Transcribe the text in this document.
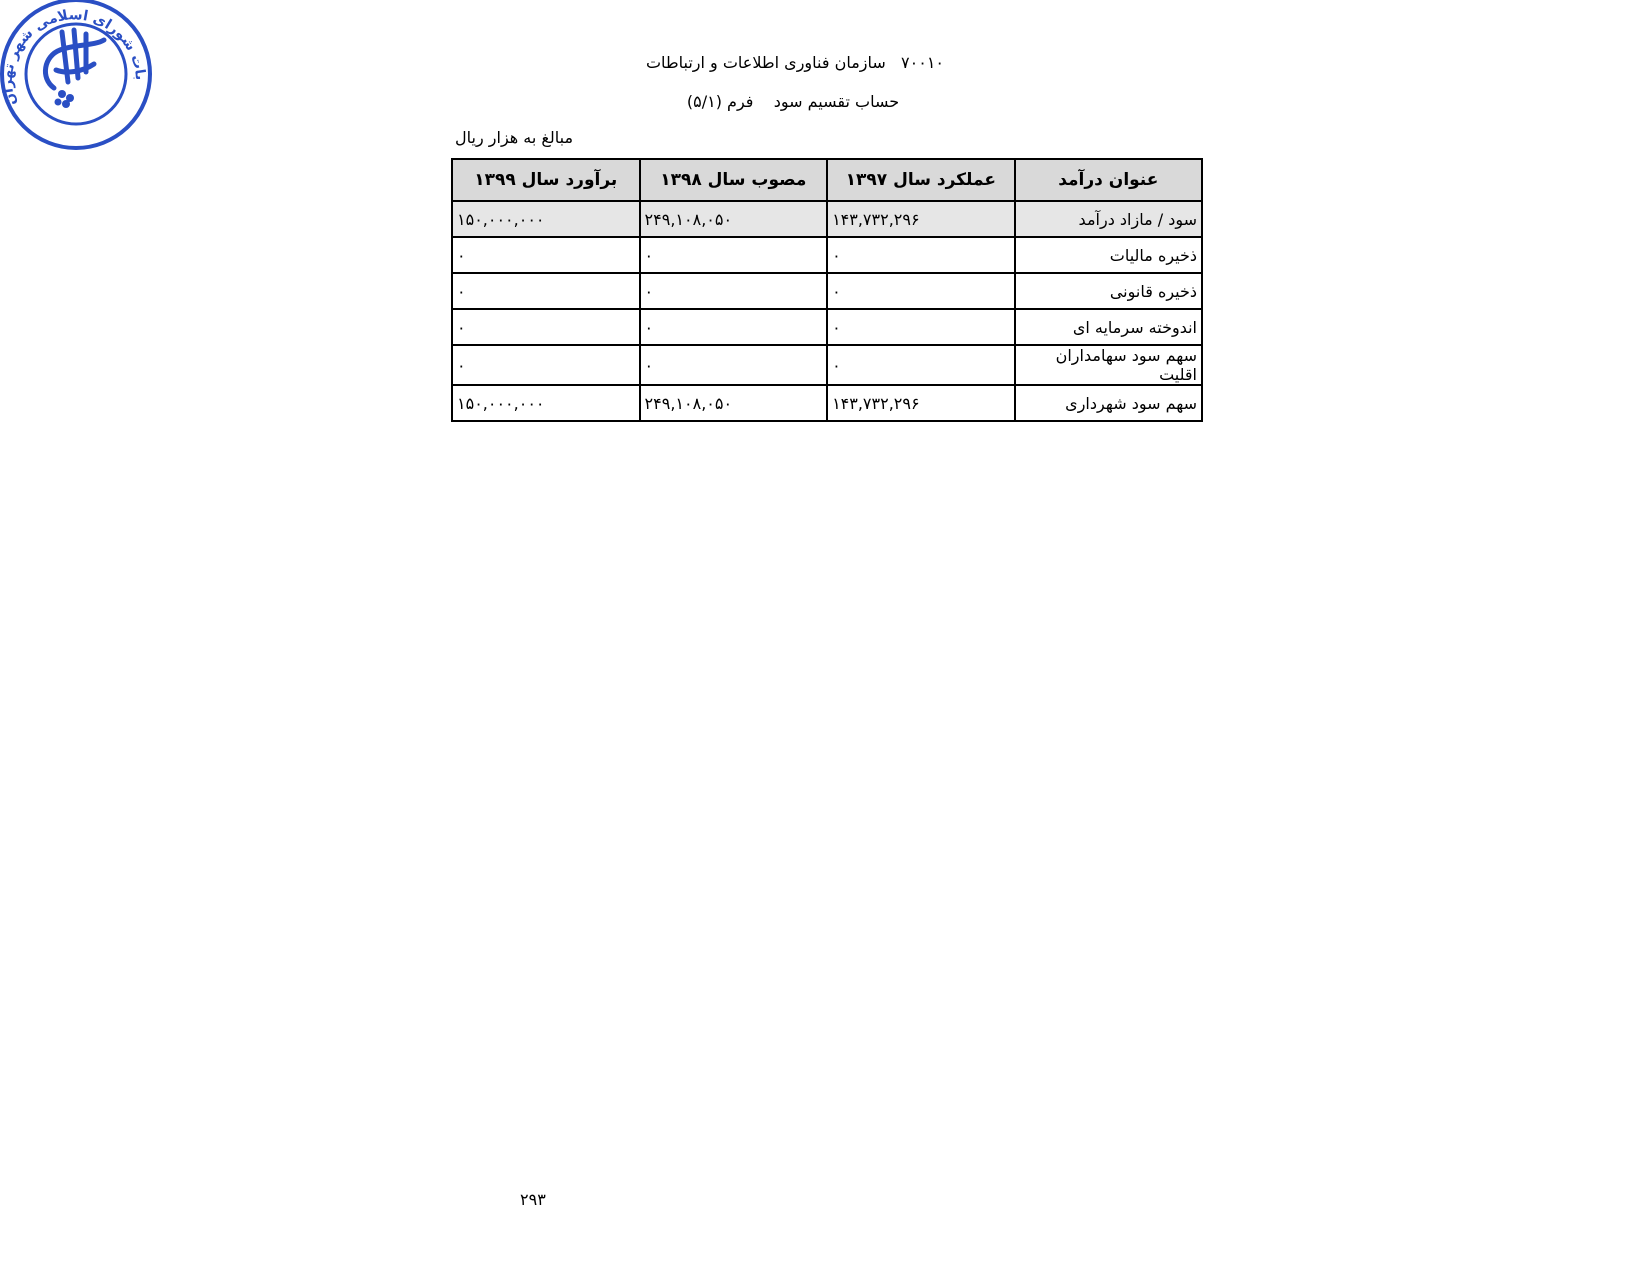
بات شورای اسلامی شهر تهران	۷۰۰۱۰   سازمان فناوری اطلاعات و ارتباطات
حساب تقسیم سود    فرم (۵/۱)
مبالغ به هزار ریال
عنوان درآمد	عملکرد سال ۱۳۹۷	مصوب سال ۱۳۹۸	برآورد سال ۱۳۹۹
سود / مازاد درآمد	۱۴۳,۷۳۲,۲۹۶	۲۴۹,۱۰۸,۰۵۰	۱۵۰,۰۰۰,۰۰۰
ذخیره مالیات	۰	۰	۰
ذخیره قانونی	۰	۰	۰
اندوخته سرمایه ای	۰	۰	۰
سهم سود سهامداران اقلیت	۰	۰	۰
سهم سود شهرداری	۱۴۳,۷۳۲,۲۹۶	۲۴۹,۱۰۸,۰۵۰	۱۵۰,۰۰۰,۰۰۰
۲۹۳
